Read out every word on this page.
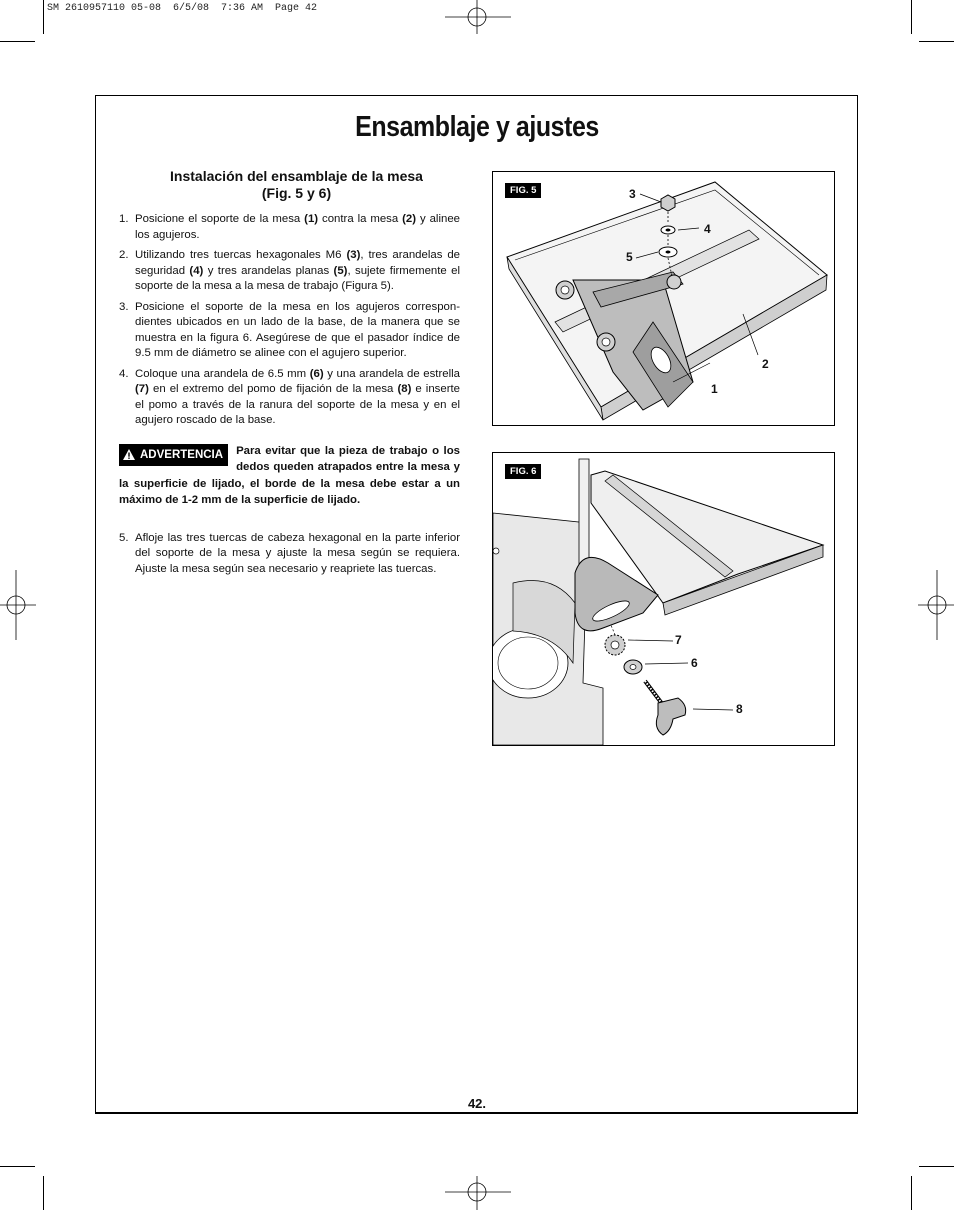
SM 2610957110 05-08  6/5/08  7:36 AM  Page 42
Ensamblaje y ajustes
Instalación del ensamblaje de la mesa
(Fig. 5 y 6)
1. Posicione el soporte de la mesa (1) contra la mesa (2) y alinee los agujeros.
2. Utilizando tres tuercas hexagonales M6 (3), tres arandelas de seguridad (4) y tres arandelas planas (5), sujete firmemente el soporte de la mesa a la mesa de trabajo (Figura 5).
3. Posicione el soporte de la mesa en los agujeros correspon-dientes ubicados en un lado de la base, de la manera que se muestra en la figura 6. Asegúrese de que el pasador índice de 9.5 mm de diámetro se alinee con el agujero superior.
4. Coloque una arandela de 6.5 mm (6) y una arandela de estrella (7) en el extremo del pomo de fijación de la mesa (8) e inserte el pomo a través de la ranura del soporte de la mesa y en el agujero roscado de la base.
ADVERTENCIA Para evitar que la pieza de trabajo o los dedos queden atrapados entre la mesa y la superficie de lijado, el borde de la mesa debe estar a un máximo de 1-2 mm de la superficie de lijado.
5. Afloje las tres tuercas de cabeza hexagonal en la parte inferior del soporte de la mesa y ajuste la mesa según se requiera. Ajuste la mesa según sea necesario y reapriete las tuercas.
FIG. 5	3
4
5
2
1
FIG. 6
7
6
8
42.
